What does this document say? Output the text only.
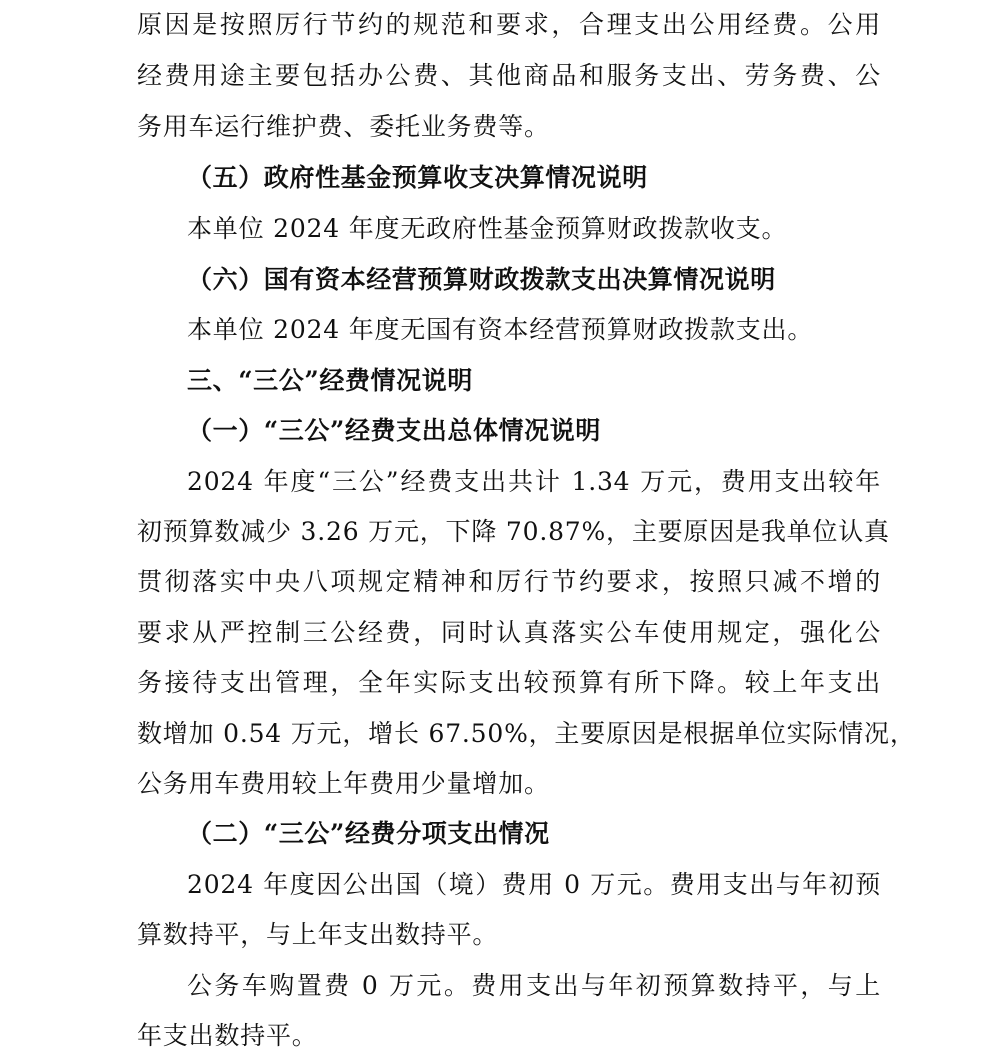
原因是按照厉行节约的规范和要求，合理支出公用经费。公用
经费用途主要包括办公费、其他商品和服务支出、劳务费、公
务用车运行维护费、委托业务费等。
（五）政府性基金预算收支决算情况说明
本单位 2024 年度无政府性基金预算财政拨款收支。
（六）国有资本经营预算财政拨款支出决算情况说明
本单位 2024 年度无国有资本经营预算财政拨款支出。
三、“三公”经费情况说明
（一）“三公”经费支出总体情况说明
2024 年度“三公”经费支出共计 1.34 万元，费用支出较年
初预算数减少 3.26 万元，下降 70.87%，主要原因是我单位认真
贯彻落实中央八项规定精神和厉行节约要求，按照只减不增的
要求从严控制三公经费，同时认真落实公车使用规定，强化公
务接待支出管理，全年实际支出较预算有所下降。较上年支出
数增加 0.54 万元，增长 67.50%，主要原因是根据单位实际情况，
公务用车费用较上年费用少量增加。
（二）“三公”经费分项支出情况
2024 年度因公出国（境）费用 0 万元。费用支出与年初预
算数持平，与上年支出数持平。
公务车购置费 0 万元。费用支出与年初预算数持平，与上
年支出数持平。
